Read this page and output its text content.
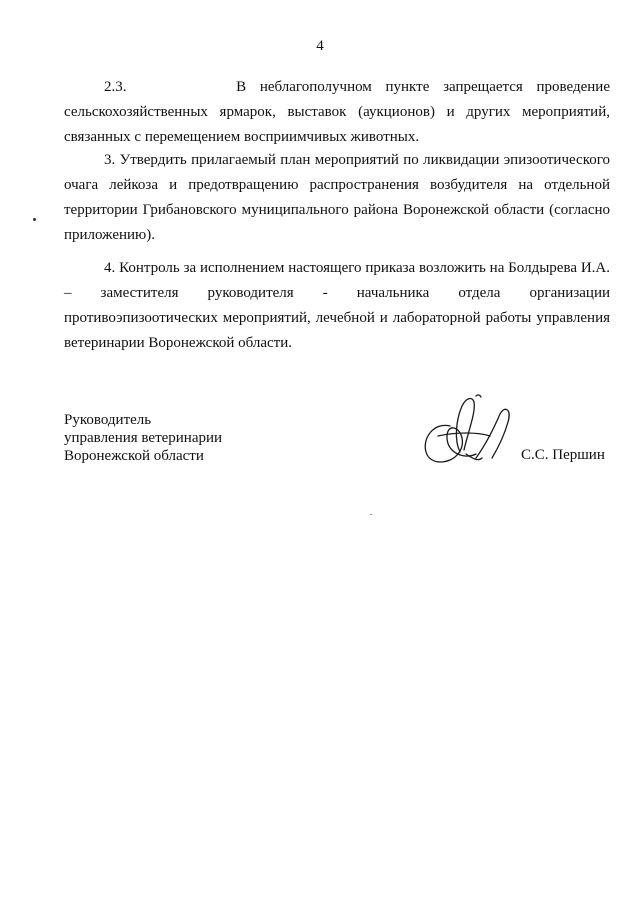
4

2.3.        В неблагополучном пункте запрещается проведение сельскохозяйственных ярмарок, выставок (аукционов) и других мероприятий, связанных с перемещением восприимчивых животных.

3. Утвердить прилагаемый план мероприятий по ликвидации эпизоотического очага лейкоза и предотвращению распространения возбудителя на отдельной территории Грибановского муниципального района Воронежской области (согласно приложению).

4. Контроль за исполнением настоящего приказа возложить на Болдырева И.А. – заместителя руководителя - начальника отдела организации противоэпизоотических мероприятий, лечебной и лабораторной работы управления ветеринарии Воронежской области.

Руководитель
управления ветеринарии
Воронежской области	С.С. Першин
